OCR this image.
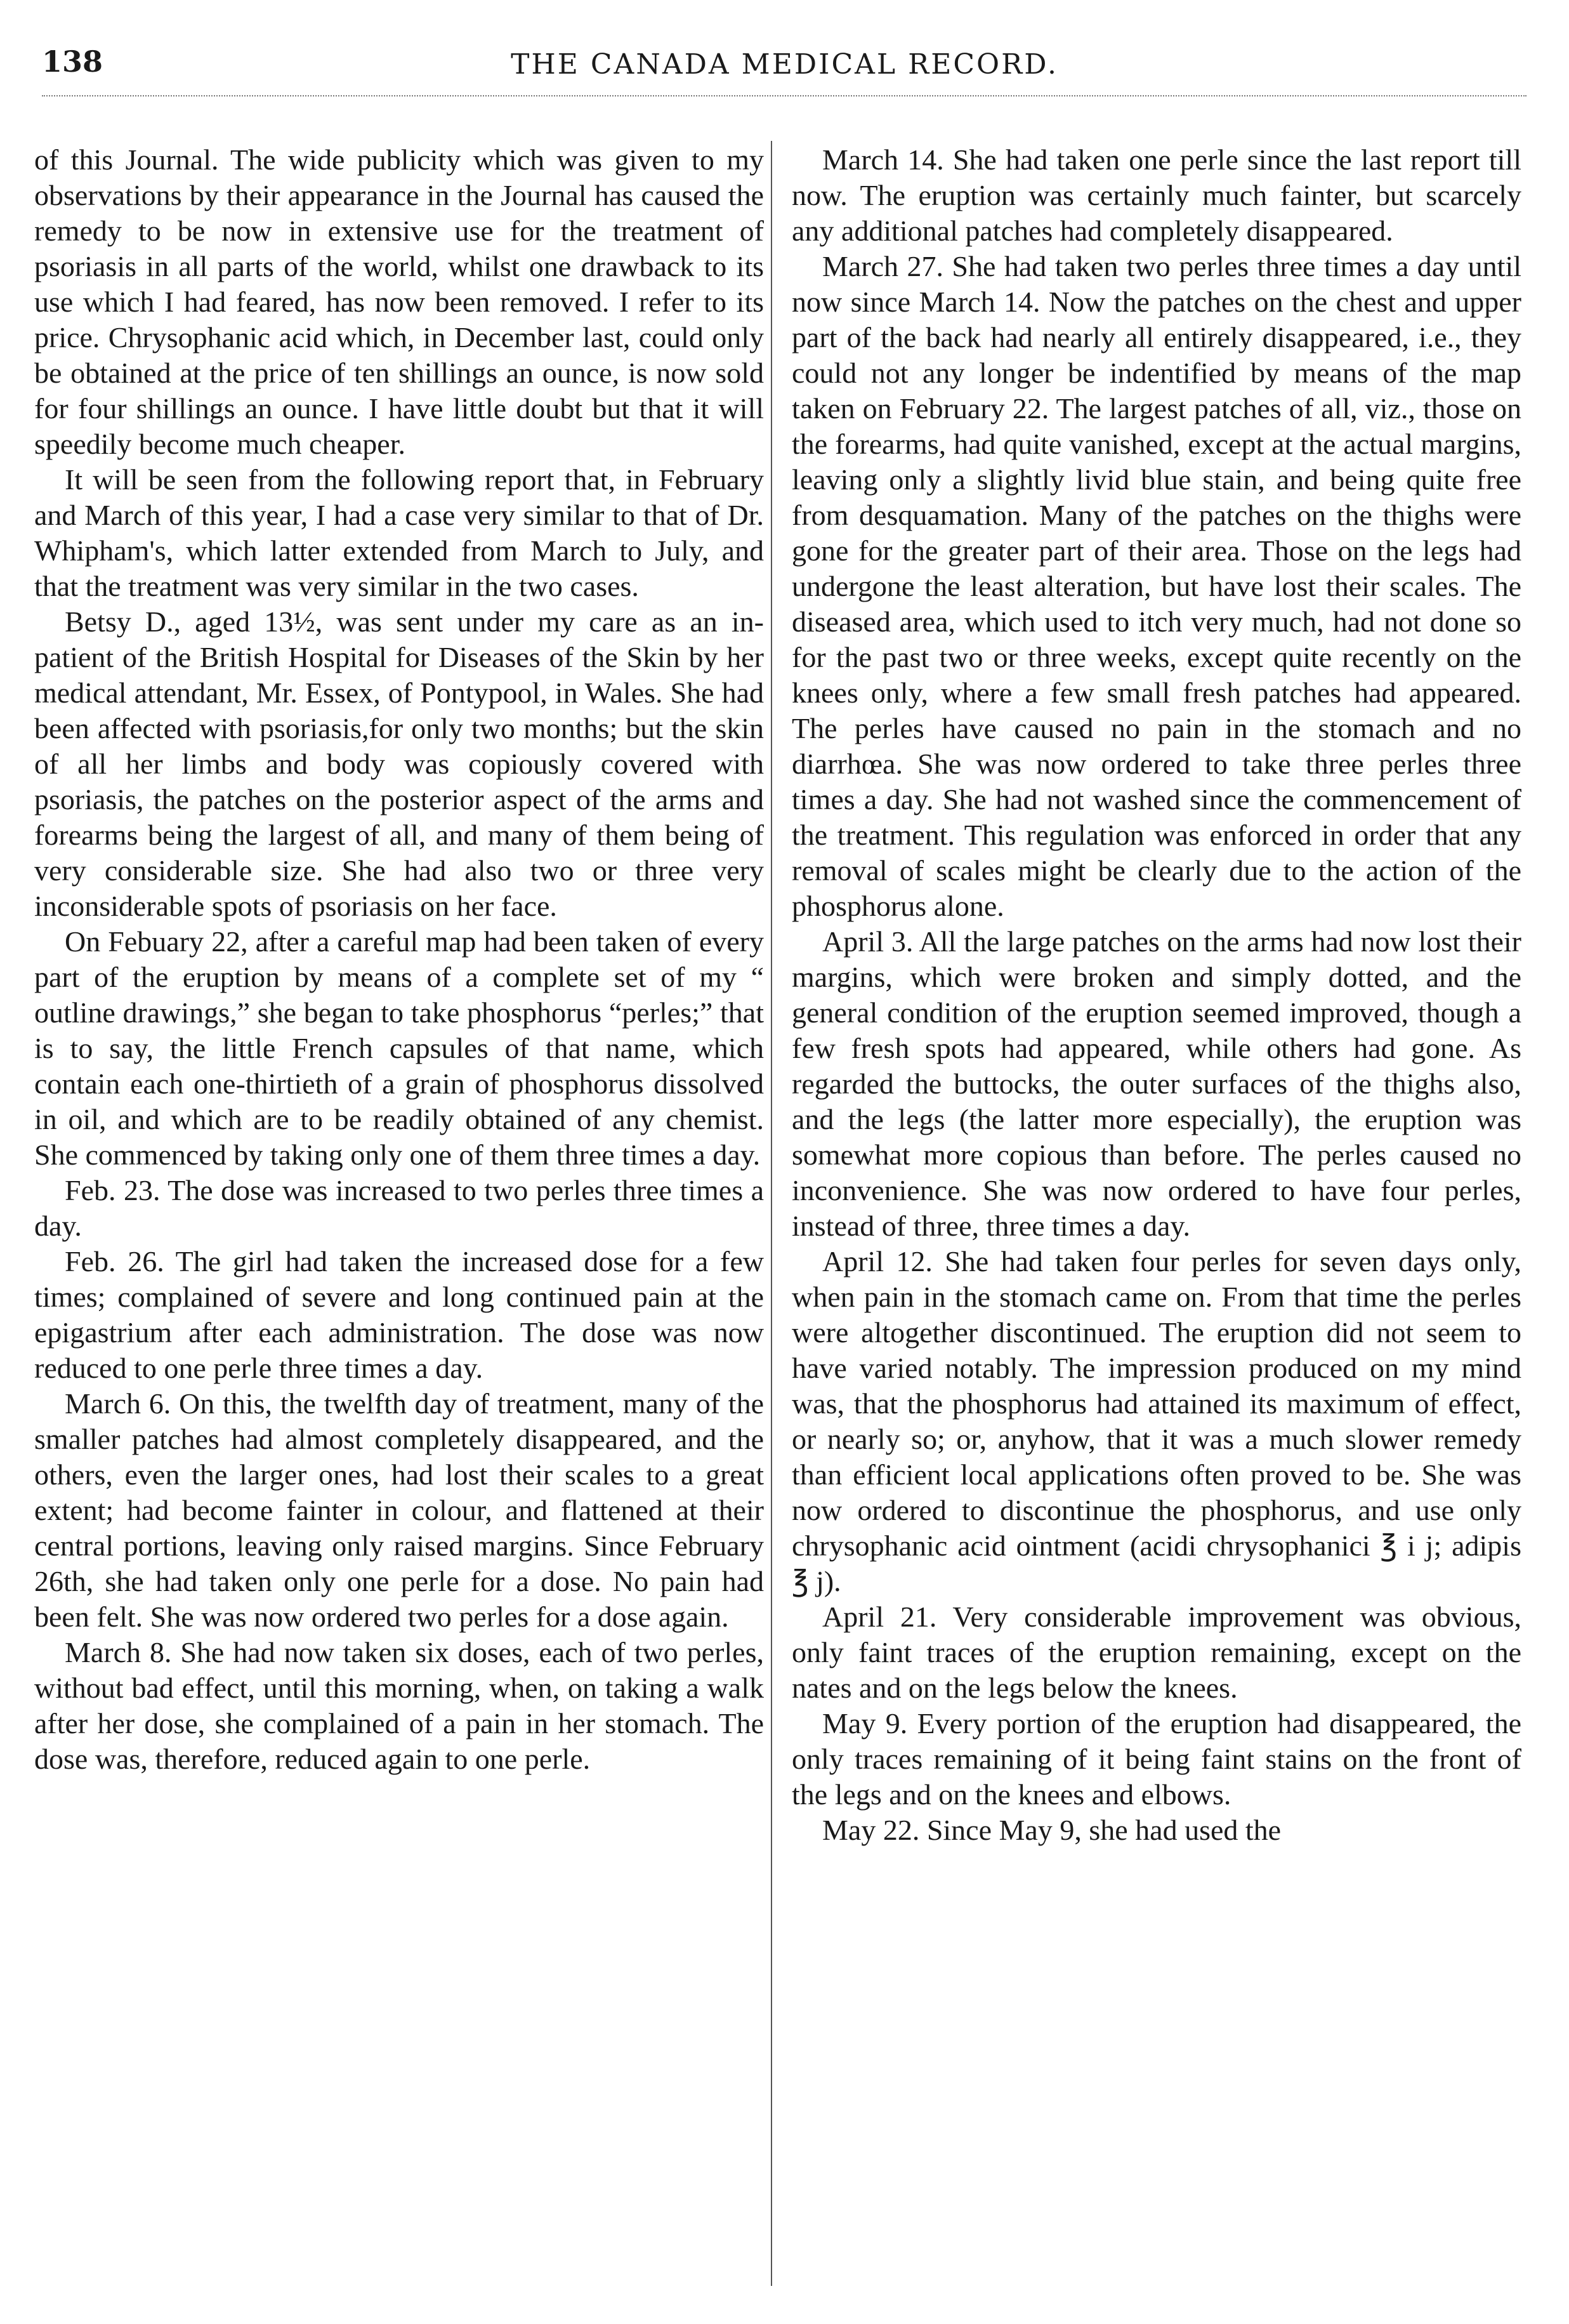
138	THE CANADA MEDICAL RECORD.

of this Journal. The wide publicity which was given to my observations by their appearance in the Journal has caused the remedy to be now in extensive use for the treatment of psoriasis in all parts of the world, whilst one drawback to its use which I had feared, has now been removed. I refer to its price. Chrysophanic acid which, in December last, could only be obtained at the price of ten shillings an ounce, is now sold for four shillings an ounce. I have little doubt but that it will speedily become much cheaper.

It will be seen from the following report that, in February and March of this year, I had a case very similar to that of Dr. Whipham's, which latter extended from March to July, and that the treatment was very similar in the two cases.

Betsy D., aged 13½, was sent under my care as an in-patient of the British Hospital for Diseases of the Skin by her medical attendant, Mr. Essex, of Pontypool, in Wales. She had been affected with psoriasis,for only two months; but the skin of all her limbs and body was copiously covered with psoriasis, the patches on the posterior aspect of the arms and forearms being the largest of all, and many of them being of very considerable size. She had also two or three very inconsiderable spots of psoriasis on her face.

On Febuary 22, after a careful map had been taken of every part of the eruption by means of a complete set of my “ outline drawings,” she began to take phosphorus “perles;” that is to say, the little French capsules of that name, which contain each one-thirtieth of a grain of phosphorus dissolved in oil, and which are to be readily obtained of any chemist. She commenced by taking only one of them three times a day.

Feb. 23. The dose was increased to two perles three times a day.

Feb. 26. The girl had taken the increased dose for a few times; complained of severe and long continued pain at the epigastrium after each administration. The dose was now reduced to one perle three times a day.

March 6. On this, the twelfth day of treatment, many of the smaller patches had almost completely disappeared, and the others, even the larger ones, had lost their scales to a great extent; had become fainter in colour, and flattened at their central portions, leaving only raised margins. Since February 26th, she had taken only one perle for a dose. No pain had been felt. She was now ordered two perles for a dose again.

March 8. She had now taken six doses, each of two perles, without bad effect, until this morning, when, on taking a walk after her dose, she complained of a pain in her stomach. The dose was, therefore, reduced again to one perle.

March 14. She had taken one perle since the last report till now. The eruption was certainly much fainter, but scarcely any additional patches had completely disappeared.

March 27. She had taken two perles three times a day until now since March 14. Now the patches on the chest and upper part of the back had nearly all entirely disappeared, i.e., they could not any longer be indentified by means of the map taken on February 22. The largest patches of all, viz., those on the forearms, had quite vanished, except at the actual margins, leaving only a slightly livid blue stain, and being quite free from desquamation. Many of the patches on the thighs were gone for the greater part of their area. Those on the legs had undergone the least alteration, but have lost their scales. The diseased area, which used to itch very much, had not done so for the past two or three weeks, except quite recently on the knees only, where a few small fresh patches had appeared. The perles have caused no pain in the stomach and no diarrhœa. She was now ordered to take three perles three times a day. She had not washed since the commencement of the treatment. This regulation was enforced in order that any removal of scales might be clearly due to the action of the phosphorus alone.

April 3. All the large patches on the arms had now lost their margins, which were broken and simply dotted, and the general condition of the eruption seemed improved, though a few fresh spots had appeared, while others had gone. As regarded the buttocks, the outer surfaces of the thighs also, and the legs (the latter more especially), the eruption was somewhat more copious than before. The perles caused no inconvenience. She was now ordered to have four perles, instead of three, three times a day.

April 12. She had taken four perles for seven days only, when pain in the stomach came on. From that time the perles were altogether discontinued. The eruption did not seem to have varied notably. The impression produced on my mind was, that the phosphorus had attained its maximum of effect, or nearly so; or, anyhow, that it was a much slower remedy than efficient local applications often proved to be. She was now ordered to discontinue the phosphorus, and use only chrysophanic acid ointment (acidi chrysophanici ℥ i j; adipis ℥ j).

April 21. Very considerable improvement was obvious, only faint traces of the eruption remaining, except on the nates and on the legs below the knees.

May 9. Every portion of the eruption had disappeared, the only traces remaining of it being faint stains on the front of the legs and on the knees and elbows.

May 22. Since May 9, she had used the
